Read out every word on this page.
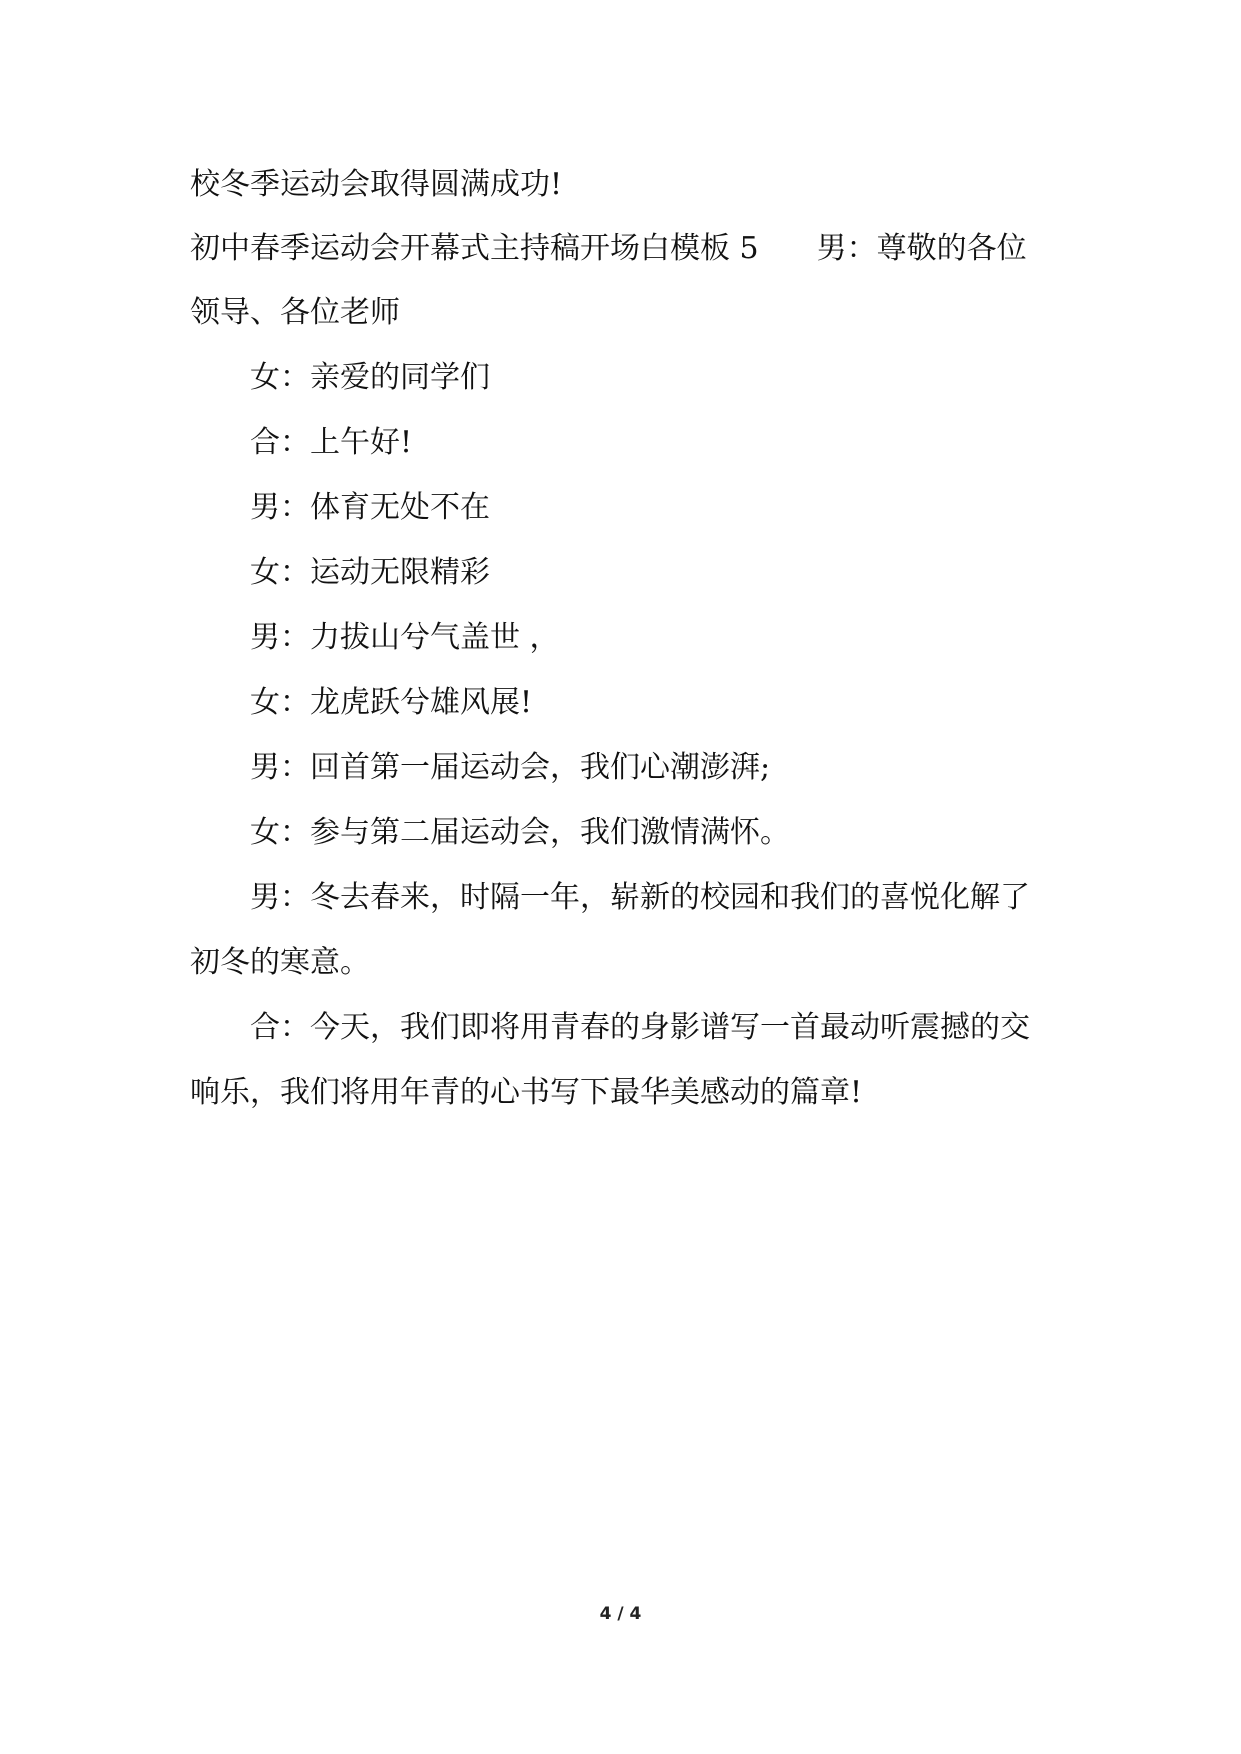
校冬季运动会取得圆满成功!
初中春季运动会开幕式主持稿开场白模板 5 男：尊敬的各位
领导、各位老师
女：亲爱的同学们
合：上午好!
男：体育无处不在
女：运动无限精彩
男：力拔山兮气盖世 ，
女：龙虎跃兮雄风展!
男：回首第一届运动会，我们心潮澎湃;
女：参与第二届运动会，我们激情满怀。
男：冬去春来，时隔一年，崭新的校园和我们的喜悦化解了
初冬的寒意。
合：今天，我们即将用青春的身影谱写一首最动听震撼的交
响乐，我们将用年青的心书写下最华美感动的篇章!
4 / 4
